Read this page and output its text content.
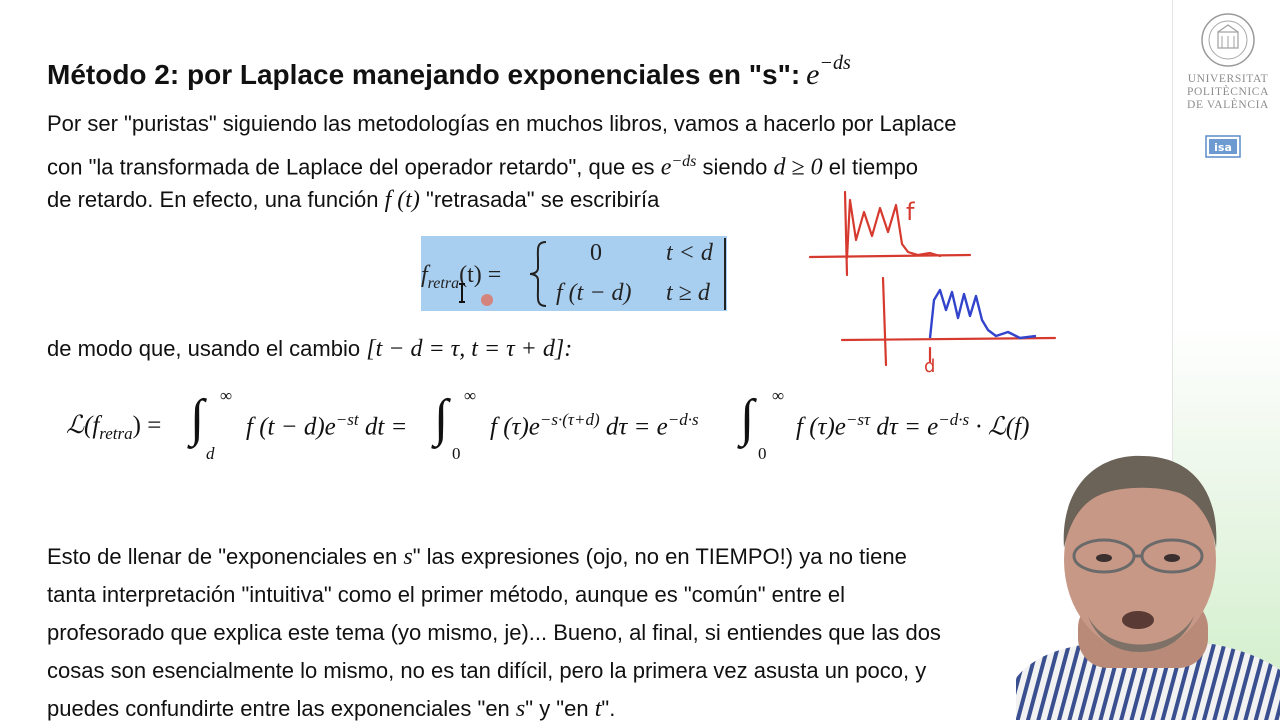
Método 2: por Laplace manejando exponenciales en "s": $e^{-ds}$
Por ser "puristas" siguiendo las metodologías en muchos libros, vamos a hacerlo por Laplace
con "la transformada de Laplace del operador retardo", que es $e^{-ds}$ siendo d ≥ 0 el tiempo
de retardo. En efecto, una función f (t) "retrasada" se escribiría
$f_{retra}(t)$ =
0	t < d
f (t − d) t ≥ d
de modo que, usando el cambio [t − d = τ, t = τ + d]:
$ℒ(f_{retra})$ = ∫ ∞
d
f $(t - d)e^{-st}$ dt = ∫ ∞
0
f $(\tau)e^{-s\cdot(\tau+d)}$ $d\tau = e^{-d\cdot s}$ ∫ ∞
0
f $(\tau)e^{-s\tau}$ $d\tau = e^{-d\cdot s}$ · ℒ(f)
Esto de llenar de "exponenciales en s" las expresiones (ojo, no en TIEMPO!) ya no tiene
tanta interpretación "intuitiva" como el primer método, aunque es "común" entre el
profesorado que explica este tema (yo mismo, je)... Bueno, al final, si entiendes que las dos
cosas son esencialmente lo mismo, no es tan difícil, pero la primera vez asusta un poco, y
puedes confundirte entre las exponenciales "en s" y "en t".
f
d
UNIVERSITAT
POLITÈCNICA
DE VALÈNCIA
isa
